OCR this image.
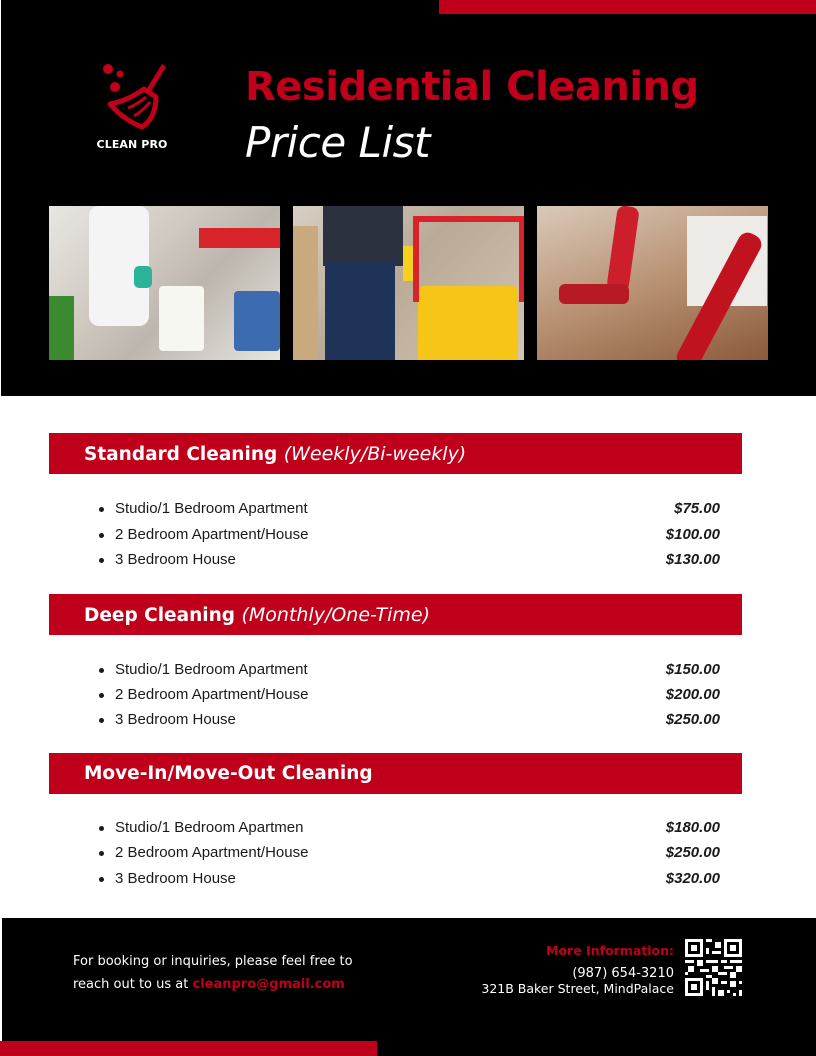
CLEAN PRO
Residential Cleaning
Price List
Standard Cleaning (Weekly/Bi-weekly)
Studio/1 Bedroom Apartment	$75.00
2 Bedroom Apartment/House	$100.00
3 Bedroom House	$130.00
Deep Cleaning (Monthly/One-Time)
Studio/1 Bedroom Apartment	$150.00
2 Bedroom Apartment/House	$200.00
3 Bedroom House	$250.00
Move-In/Move-Out Cleaning
Studio/1 Bedroom Apartmen	$180.00
2 Bedroom Apartment/House	$250.00
3 Bedroom House	$320.00
For booking or inquiries, please feel free to
reach out to us at cleanpro@gmail.com
More Information:
(987) 654-3210
321B Baker Street, MindPalace
